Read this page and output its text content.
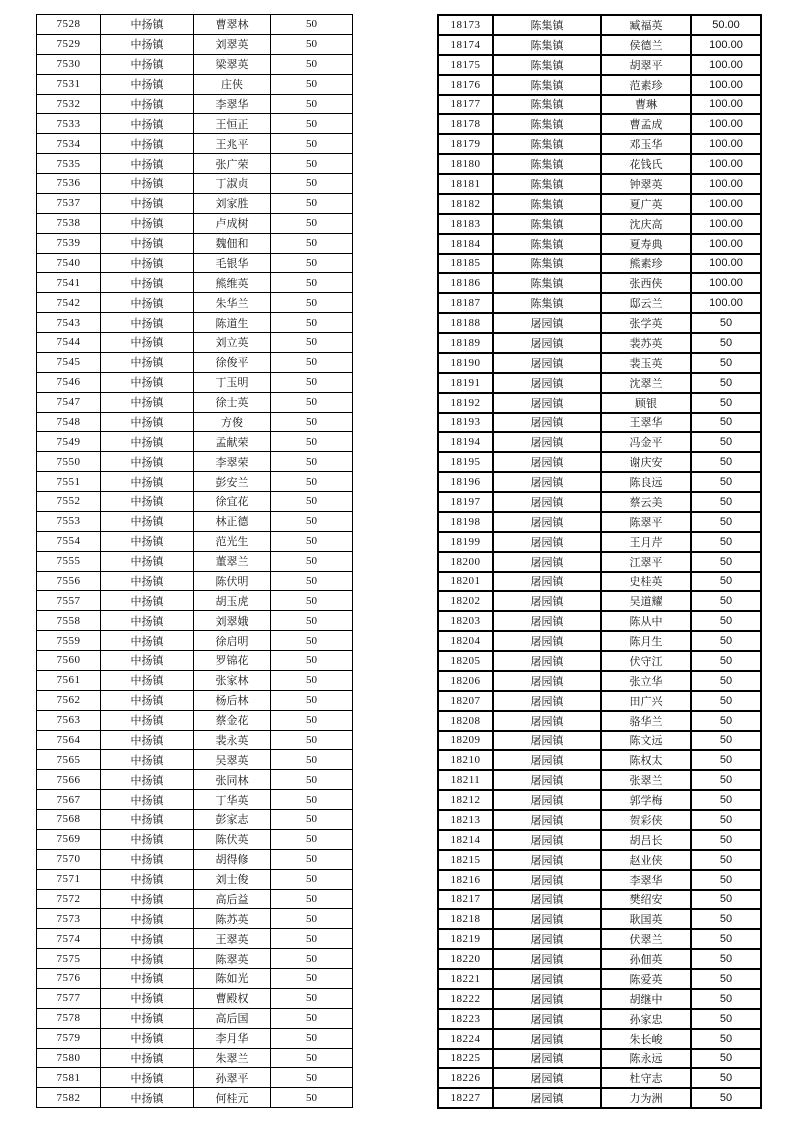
7528	中扬镇	曹翠林	50
7529	中扬镇	刘翠英	50
7530	中扬镇	梁翠英	50
7531	中扬镇	庄侠	50
7532	中扬镇	李翠华	50
7533	中扬镇	王恒正	50
7534	中扬镇	王兆平	50
7535	中扬镇	张广荣	50
7536	中扬镇	丁淑贞	50
7537	中扬镇	刘家胜	50
7538	中扬镇	卢成树	50
7539	中扬镇	魏佃和	50
7540	中扬镇	毛银华	50
7541	中扬镇	熊维英	50
7542	中扬镇	朱华兰	50
7543	中扬镇	陈道生	50
7544	中扬镇	刘立英	50
7545	中扬镇	徐俊平	50
7546	中扬镇	丁玉明	50
7547	中扬镇	徐士英	50
7548	中扬镇	方俊	50
7549	中扬镇	孟献荣	50
7550	中扬镇	李翠荣	50
7551	中扬镇	彭安兰	50
7552	中扬镇	徐宜花	50
7553	中扬镇	林正德	50
7554	中扬镇	范光生	50
7555	中扬镇	董翠兰	50
7556	中扬镇	陈伏明	50
7557	中扬镇	胡玉虎	50
7558	中扬镇	刘翠娥	50
7559	中扬镇	徐启明	50
7560	中扬镇	罗锦花	50
7561	中扬镇	张家林	50
7562	中扬镇	杨后林	50
7563	中扬镇	蔡金花	50
7564	中扬镇	裴永英	50
7565	中扬镇	吴翠英	50
7566	中扬镇	张同林	50
7567	中扬镇	丁华英	50
7568	中扬镇	彭家志	50
7569	中扬镇	陈伏英	50
7570	中扬镇	胡得修	50
7571	中扬镇	刘士俊	50
7572	中扬镇	高后益	50
7573	中扬镇	陈苏英	50
7574	中扬镇	王翠英	50
7575	中扬镇	陈翠英	50
7576	中扬镇	陈如光	50
7577	中扬镇	曹殿权	50
7578	中扬镇	高后国	50
7579	中扬镇	李月华	50
7580	中扬镇	朱翠兰	50
7581	中扬镇	孙翠平	50
7582	中扬镇	何桂元	50
18173	陈集镇	臧福英	50.00
18174	陈集镇	侯德兰	100.00
18175	陈集镇	胡翠平	100.00
18176	陈集镇	范素珍	100.00
18177	陈集镇	曹琳	100.00
18178	陈集镇	曹孟成	100.00
18179	陈集镇	邓玉华	100.00
18180	陈集镇	花钱氏	100.00
18181	陈集镇	钟翠英	100.00
18182	陈集镇	夏广英	100.00
18183	陈集镇	沈庆高	100.00
18184	陈集镇	夏寿典	100.00
18185	陈集镇	熊素珍	100.00
18186	陈集镇	张西侠	100.00
18187	陈集镇	邸云兰	100.00
18188	屠园镇	张学英	50
18189	屠园镇	裴苏英	50
18190	屠园镇	裴玉英	50
18191	屠园镇	沈翠兰	50
18192	屠园镇	顾银	50
18193	屠园镇	王翠华	50
18194	屠园镇	冯金平	50
18195	屠园镇	谢庆安	50
18196	屠园镇	陈良远	50
18197	屠园镇	蔡云美	50
18198	屠园镇	陈翠平	50
18199	屠园镇	王月芹	50
18200	屠园镇	江翠平	50
18201	屠园镇	史桂英	50
18202	屠园镇	吴道耀	50
18203	屠园镇	陈从中	50
18204	屠园镇	陈月生	50
18205	屠园镇	伏守江	50
18206	屠园镇	张立华	50
18207	屠园镇	田广兴	50
18208	屠园镇	骆华兰	50
18209	屠园镇	陈文远	50
18210	屠园镇	陈权太	50
18211	屠园镇	张翠兰	50
18212	屠园镇	郭学梅	50
18213	屠园镇	贺彩侠	50
18214	屠园镇	胡吕长	50
18215	屠园镇	赵业侠	50
18216	屠园镇	李翠华	50
18217	屠园镇	樊绍安	50
18218	屠园镇	耿国英	50
18219	屠园镇	伏翠兰	50
18220	屠园镇	孙佃英	50
18221	屠园镇	陈爱英	50
18222	屠园镇	胡继中	50
18223	屠园镇	孙家忠	50
18224	屠园镇	朱长峻	50
18225	屠园镇	陈永远	50
18226	屠园镇	杜守志	50
18227	屠园镇	力为洲	50
